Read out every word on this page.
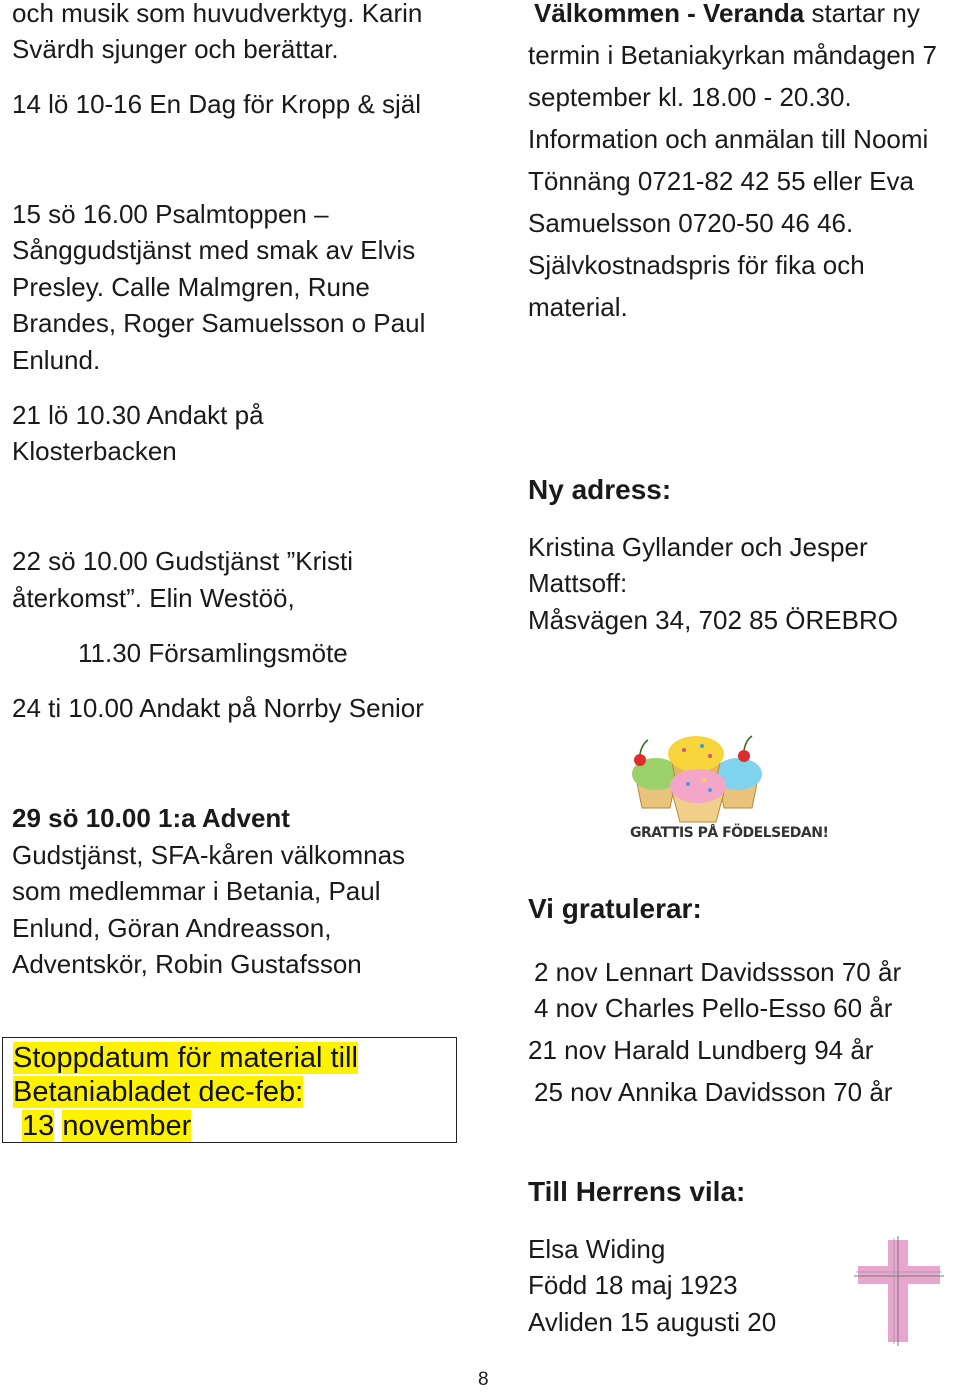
och musik som huvudverktyg. Karin
Svärdh sjunger och berättar.
14 lö 10-16 En Dag för Kropp & själ
15 sö 16.00 Psalmtoppen –
Sånggudstjänst med smak av Elvis
Presley. Calle Malmgren, Rune
Brandes, Roger Samuelsson o Paul
Enlund.
21 lö 10.30 Andakt på
Klosterbacken
22 sö 10.00 Gudstjänst ”Kristi
återkomst”. Elin Westöö,
11.30 Församlingsmöte
24 ti 10.00 Andakt på Norrby Senior
29 sö 10.00 1:a Advent
Gudstjänst, SFA-kåren välkomnas
som medlemmar i Betania, Paul
Enlund, Göran Andreasson,
Adventskör, Robin Gustafsson
Stoppdatum för material till
Betaniabladet dec-feb:
13 november
Välkommen - Veranda startar ny
termin i Betaniakyrkan måndagen 7
september kl. 18.00 - 20.30.
Information och anmälan till Noomi
Tönnäng 0721-82 42 55 eller Eva
Samuelsson 0720-50 46 46.
Självkostnadspris för fika och
material.
Ny adress:
Kristina Gyllander och Jesper
Mattsoff:
Måsvägen 34, 702 85 ÖREBRO
GRATTIS PÅ FÖDELSEDAN!
Vi gratulerar:
2 nov Lennart Davidssson 70 år
4 nov Charles Pello-Esso 60 år
21 nov Harald Lundberg 94 år
25 nov Annika Davidsson 70 år
Till Herrens vila:
Elsa Widing
Född 18 maj 1923
Avliden 15 augusti 20
8
